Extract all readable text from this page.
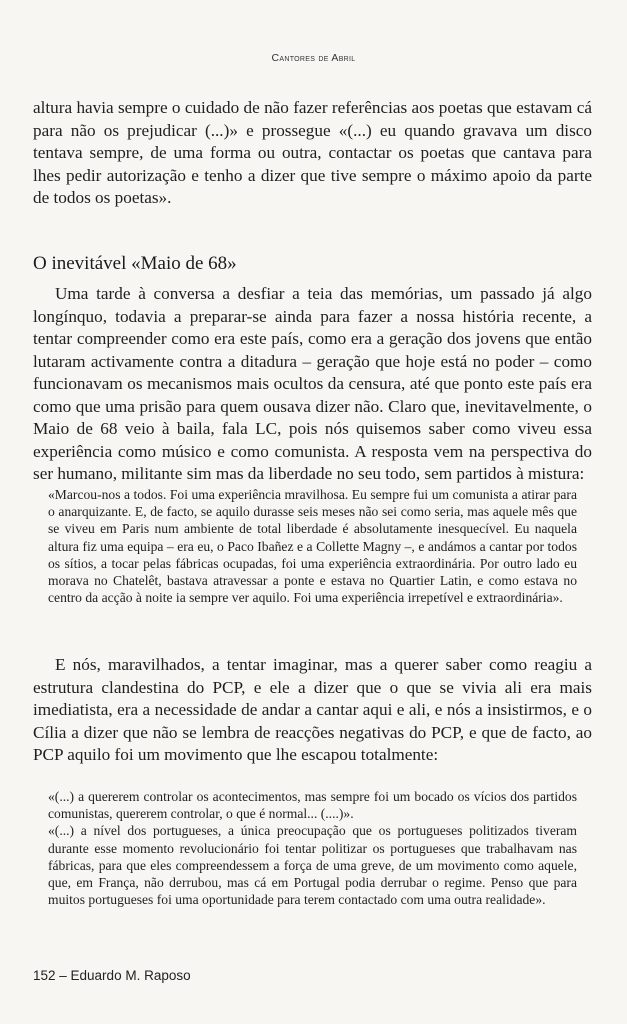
Cantores de Abril

altura havia sempre o cuidado de não fazer referências aos poetas que estavam cá para não os prejudicar (...)» e prossegue «(...) eu quando gravava um disco tentava sempre, de uma forma ou outra, contactar os poetas que cantava para lhes pedir autorização e tenho a dizer que tive sempre o máximo apoio da parte de todos os poetas».

O inevitável «Maio de 68»

Uma tarde à conversa a desfiar a teia das memórias, um passado já algo longínquo, todavia a preparar-se ainda para fazer a nossa história recente, a tentar compreender como era este país, como era a geração dos jovens que então lutaram activamente contra a ditadura – geração que hoje está no poder – como funcionavam os mecanismos mais ocultos da censura, até que ponto este país era como que uma prisão para quem ousava dizer não. Claro que, inevitavelmente, o Maio de 68 veio à baila, fala LC, pois nós quisemos saber como viveu essa experiência como músico e como comunista. A resposta vem na perspectiva do ser humano, militante sim mas da liberdade no seu todo, sem partidos à mistura:

«Marcou-nos a todos. Foi uma experiência mravilhosa. Eu sempre fui um comunista a atirar para o anarquizante. E, de facto, se aquilo durasse seis meses não sei como seria, mas aquele mês que se viveu em Paris num ambiente de total liberdade é absolutamente inesquecível. Eu naquela altura fiz uma equipa – era eu, o Paco Ibañez e a Collette Magny –, e andámos a cantar por todos os sítios, a tocar pelas fábricas ocupadas, foi uma experiência extraordinária. Por outro lado eu morava no Chatelêt, bastava atravessar a ponte e estava no Quartier Latin, e como estava no centro da acção à noite ia sempre ver aquilo. Foi uma experiência irrepetível e extraordinária».

E nós, maravilhados, a tentar imaginar, mas a querer saber como reagiu a estrutura clandestina do PCP, e ele a dizer que o que se vivia ali era mais imediatista, era a necessidade de andar a cantar aqui e ali, e nós a insistirmos, e o Cília a dizer que não se lembra de reacções negativas do PCP, e que de facto, ao PCP aquilo foi um movimento que lhe escapou totalmente:

«(...) a quererem controlar os acontecimentos, mas sempre foi um bocado os vícios dos partidos comunistas, quererem controlar, o que é normal... (....)».

«(...) a nível dos portugueses, a única preocupação que os portugueses politizados tiveram durante esse momento revolucionário foi tentar politizar os portugueses que trabalhavam nas fábricas, para que eles compreendessem a força de uma greve, de um movimento como aquele, que, em França, não derrubou, mas cá em Portugal podia derrubar o regime. Penso que para muitos portugueses foi uma oportunidade para terem contactado com uma outra realidade».

152 – Eduardo M. Raposo
